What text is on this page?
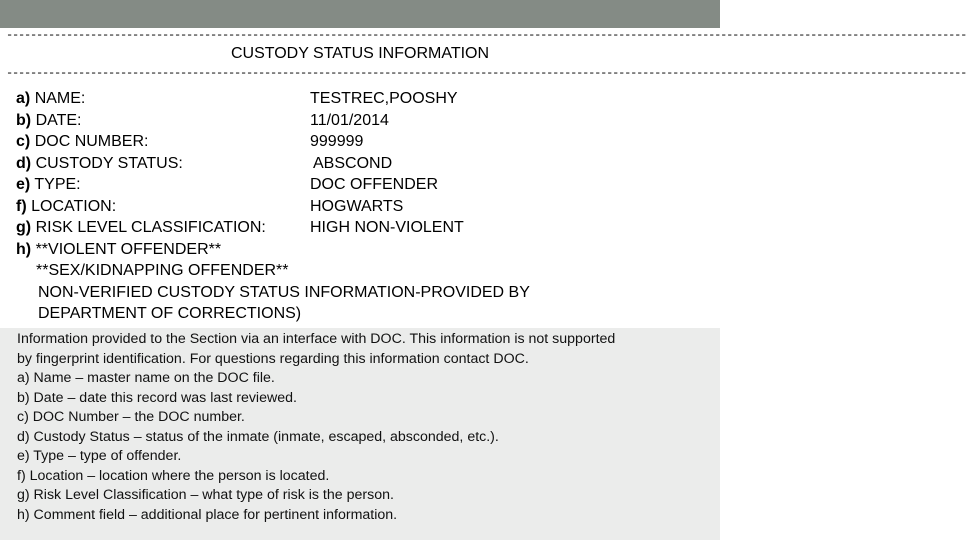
----------------------------------------------------------------------------------------------------------------------------------------------------------------
CUSTODY STATUS INFORMATION
----------------------------------------------------------------------------------------------------------------------------------------------------------------
a) NAME:	TESTREC,POOSHY
b) DATE:	11/01/2014
c) DOC NUMBER:	999999
d) CUSTODY STATUS:	ABSCOND
e) TYPE:	DOC OFFENDER
f) LOCATION:	HOGWARTS
g) RISK LEVEL CLASSIFICATION:	HIGH NON-VIOLENT
h) **VIOLENT OFFENDER**
**SEX/KIDNAPPING OFFENDER**
NON-VERIFIED CUSTODY STATUS INFORMATION-PROVIDED BY
DEPARTMENT OF CORRECTIONS)
Information provided to the Section via an interface with DOC. This information is not supported
by fingerprint identification. For questions regarding this information contact DOC.
a) Name – master name on the DOC file.
b) Date – date this record was last reviewed.
c) DOC Number – the DOC number.
d) Custody Status – status of the inmate (inmate, escaped, absconded, etc.).
e) Type – type of offender.
f) Location – location where the person is located.
g) Risk Level Classification – what type of risk is the person.
h) Comment field – additional place for pertinent information.
